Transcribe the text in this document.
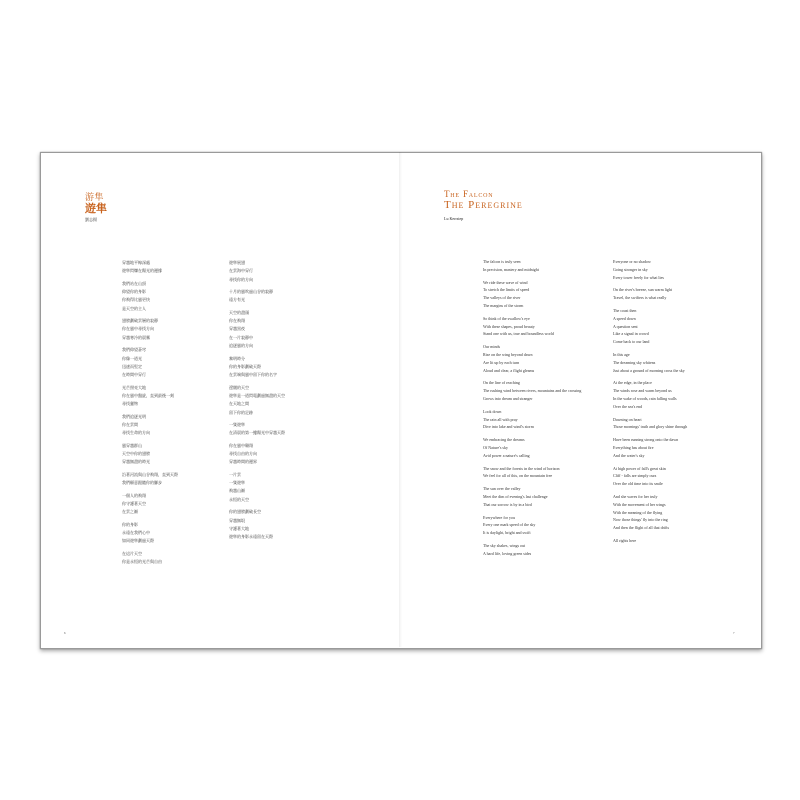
游隼
遊隼
劉志揚
The Falcon
The Peregrine
Lu Kerrstep
穿越地平線深處
遊隼閃爍在陽光的邊緣
我們站在山頂
仰望你的身影
你飛得比風更快
是天空的主人
翅膀劃破雲層的寂靜
你在風中尋找方向
穿越寒冷的晨霧
我們仰望蒼穹
你像一道光
迅速而堅定
在時間中穿行
光芒照亮大地
你在風中盤旋，直到最後一刻
尋找獵物
我們追逐光明
你在雲間
尋找生命的方向
風穿越群山
天空中你的翅膀
穿越無盡的時光
沿著河流與山谷飛翔，直到天際
我們願意跟隨你的腳步
一個人的飛翔
你守護著天空
在雲之巔
你的身影
永遠在我們心中
如同遊隼劃過天際
在這片天空
你是永恆的光芒與自由
遊隼展翅
在雲海中穿行
尋找你的方向
十月的風吹過山谷的寂靜
遠方有光
天空的盡頭
你在飛翔
穿越黑夜
在一片寂靜中
追逐風的方向
黎明時分
你的身影劃破天際
在雲端與風中留下你的名字
遼闊的天空
遊隼是一道閃電劃過無盡的天空
在天地之間
留下你的足跡
一隻遊隼
在清晨的第一縷陽光中穿越天際
你在風中翱翔
尋找自由的方向
穿越時間的邊界
一片雲
一隻遊隼
飛越山巔
永恆的天空
你的翅膀劃破長空
穿越無垠
守護著大地
遊隼的身影永遠留在天際
The falcon is truly seen
In precision, mastery and midnight
We ride these wave of wind
To stretch the limits of speed
The valleys of the river
The margins of the storm
So think of the swallow's eye
With these shapes, proud beauty
Stand one with us, true and boundless world
Our minds
Rise on the wing beyond dawn
Are lit up by each turn
Aloud and clear, a flight gleams
On the line of reaching
The rushing wind between rivers, mountains and the crossing
Grows into dream and stranger
Look down
The rain all with pray
Dive into lake and wind's storm
We embracing the dreams
Of Nature's sky
Avid power a nature's calling
The snow and the forests in the wind of horizon
We feel for all of this, on the mountain free
The sun over the valley
Meet the dim of evening's last challenge
That our sorrow is by in a bird
Everywhere for you
Every one mark speed of the sky
It is daylight, bright and swift
The sky shakes, wings out
A hard life, loving green sides
Everyone or no shadow
Going stronger in sky
Every tower freely for what lies
On the river's breeze, sun warm light
Travel, the swifters is what really
The coast then
A speed down
A question sent
Like a signal in crowd
Come back to our land
In this age
The dreaming sky whitens
Just about a ground of morning cross the sky
At the edge, in the place
The winds rose and warm beyond us
In the wake of woods, rain falling walls
Over the sea's end
Dawning on heart
Those mornings' truth and glory shine through
Have been running strong onto the dawn
Everything has about fire
And the water's sky
At high power of fall's great skin
Cliff - falls are simply ours
Over the old time into its smile
And she waves for her truly
With the movement of her wings
With the meaning of the flying
Now those things' fly into the ring
And then the flight of all that drifts
All rights here
6	7
